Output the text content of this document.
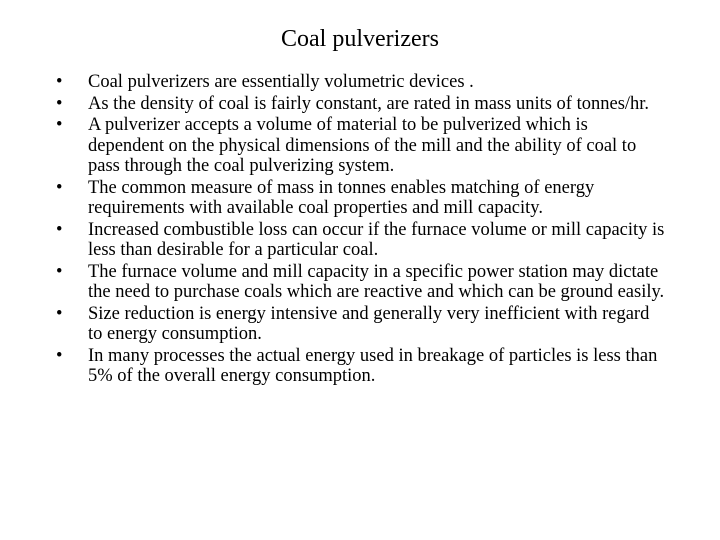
Coal pulverizers
•	Coal pulverizers are essentially volumetric devices .
•	As the density of coal is fairly constant, are rated in mass units of tonnes/hr.
•	A pulverizer accepts a volume of material to be pulverized which is dependent on the physical dimensions of the mill and the ability of coal to pass through the coal pulverizing system.
•	The common measure of mass in tonnes enables matching of energy requirements with available coal properties and mill capacity.
•	Increased combustible loss can occur if the furnace volume or mill capacity is less than desirable for a particular coal.
•	The furnace volume and mill capacity in a specific power station may dictate the need to purchase coals which are reactive and which can be ground easily.
•	Size reduction is energy intensive and generally very inefficient with regard to energy consumption.
•	In many processes the actual energy used in breakage of particles is less than 5% of the overall energy consumption.
